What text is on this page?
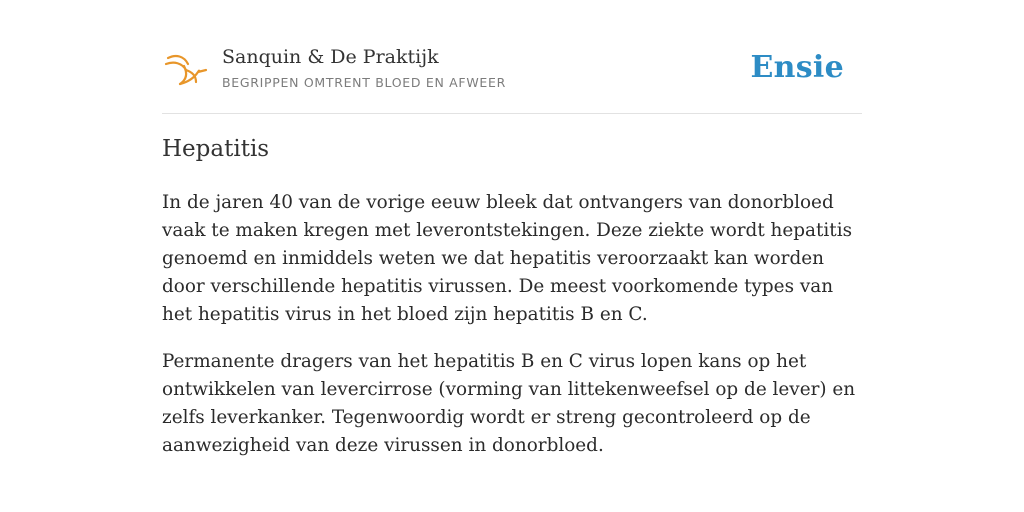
Sanquin & De Praktijk
BEGRIPPEN OMTRENT BLOED EN AFWEER	Ensie
Hepatitis

In de jaren 40 van de vorige eeuw bleek dat ontvangers van donorbloed vaak te maken kregen met leverontstekingen. Deze ziekte wordt hepatitis genoemd en inmiddels weten we dat hepatitis veroorzaakt kan worden door verschillende hepatitis virussen. De meest voorkomende types van het hepatitis virus in het bloed zijn hepatitis B en C.

Permanente dragers van het hepatitis B en C virus lopen kans op het ontwikkelen van levercirrose (vorming van littekenweefsel op de lever) en zelfs leverkanker. Tegenwoordig wordt er streng gecontroleerd op de aanwezigheid van deze virussen in donorbloed.
